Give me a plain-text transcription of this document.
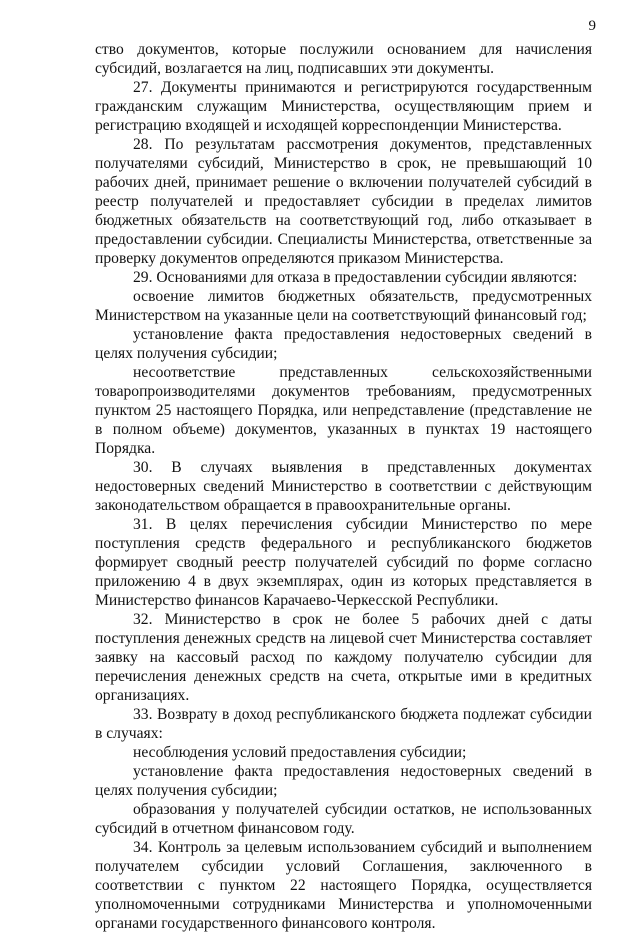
9

ство документов, которые послужили основанием для начисления субсидий, возлагается на лиц, подписавших эти документы.

27. Документы принимаются и регистрируются государственным гражданским служащим Министерства, осуществляющим прием и регистрацию входящей и исходящей корреспонденции Министерства.

28. По результатам рассмотрения документов, представленных получателями субсидий, Министерство в срок, не превышающий 10 рабочих дней, принимает решение о включении получателей субсидий в реестр получателей и предоставляет субсидии в пределах лимитов бюджетных обязательств на соответствующий год, либо отказывает в предоставлении субсидии. Специалисты Министерства, ответственные за проверку документов определяются приказом Министерства.

29. Основаниями для отказа в предоставлении субсидии являются:

освоение лимитов бюджетных обязательств, предусмотренных Министерством на указанные цели на соответствующий финансовый год;

установление факта предоставления недостоверных сведений в целях получения субсидии;

несоответствие представленных сельскохозяйственными товаропроизводителями документов требованиям, предусмотренных пунктом 25 настоящего Порядка, или непредставление (представление не в полном объеме) документов, указанных в пунктах 19 настоящего Порядка.

30. В случаях выявления в представленных документах недостоверных сведений Министерство в соответствии с действующим законодательством обращается в правоохранительные органы.

31. В целях перечисления субсидии Министерство по мере поступления средств федерального и республиканского бюджетов формирует сводный реестр получателей субсидий по форме согласно приложению 4 в двух экземплярах, один из которых представляется в Министерство финансов Карачаево-Черкесской Республики.

32. Министерство в срок не более 5 рабочих дней с даты поступления денежных средств на лицевой счет Министерства составляет заявку на кассовый расход по каждому получателю субсидии для перечисления денежных средств на счета, открытые ими в кредитных организациях.

33. Возврату в доход республиканского бюджета подлежат субсидии в случаях:

несоблюдения условий предоставления субсидии;

установление факта предоставления недостоверных сведений в целях получения субсидии;

образования у получателей субсидии остатков, не использованных субсидий в отчетном финансовом году.

34. Контроль за целевым использованием субсидий и выполнением получателем субсидии условий Соглашения, заключенного в соответствии с пунктом 22 настоящего Порядка, осуществляется уполномоченными сотрудниками Министерства и уполномоченными органами государственного финансового контроля.
